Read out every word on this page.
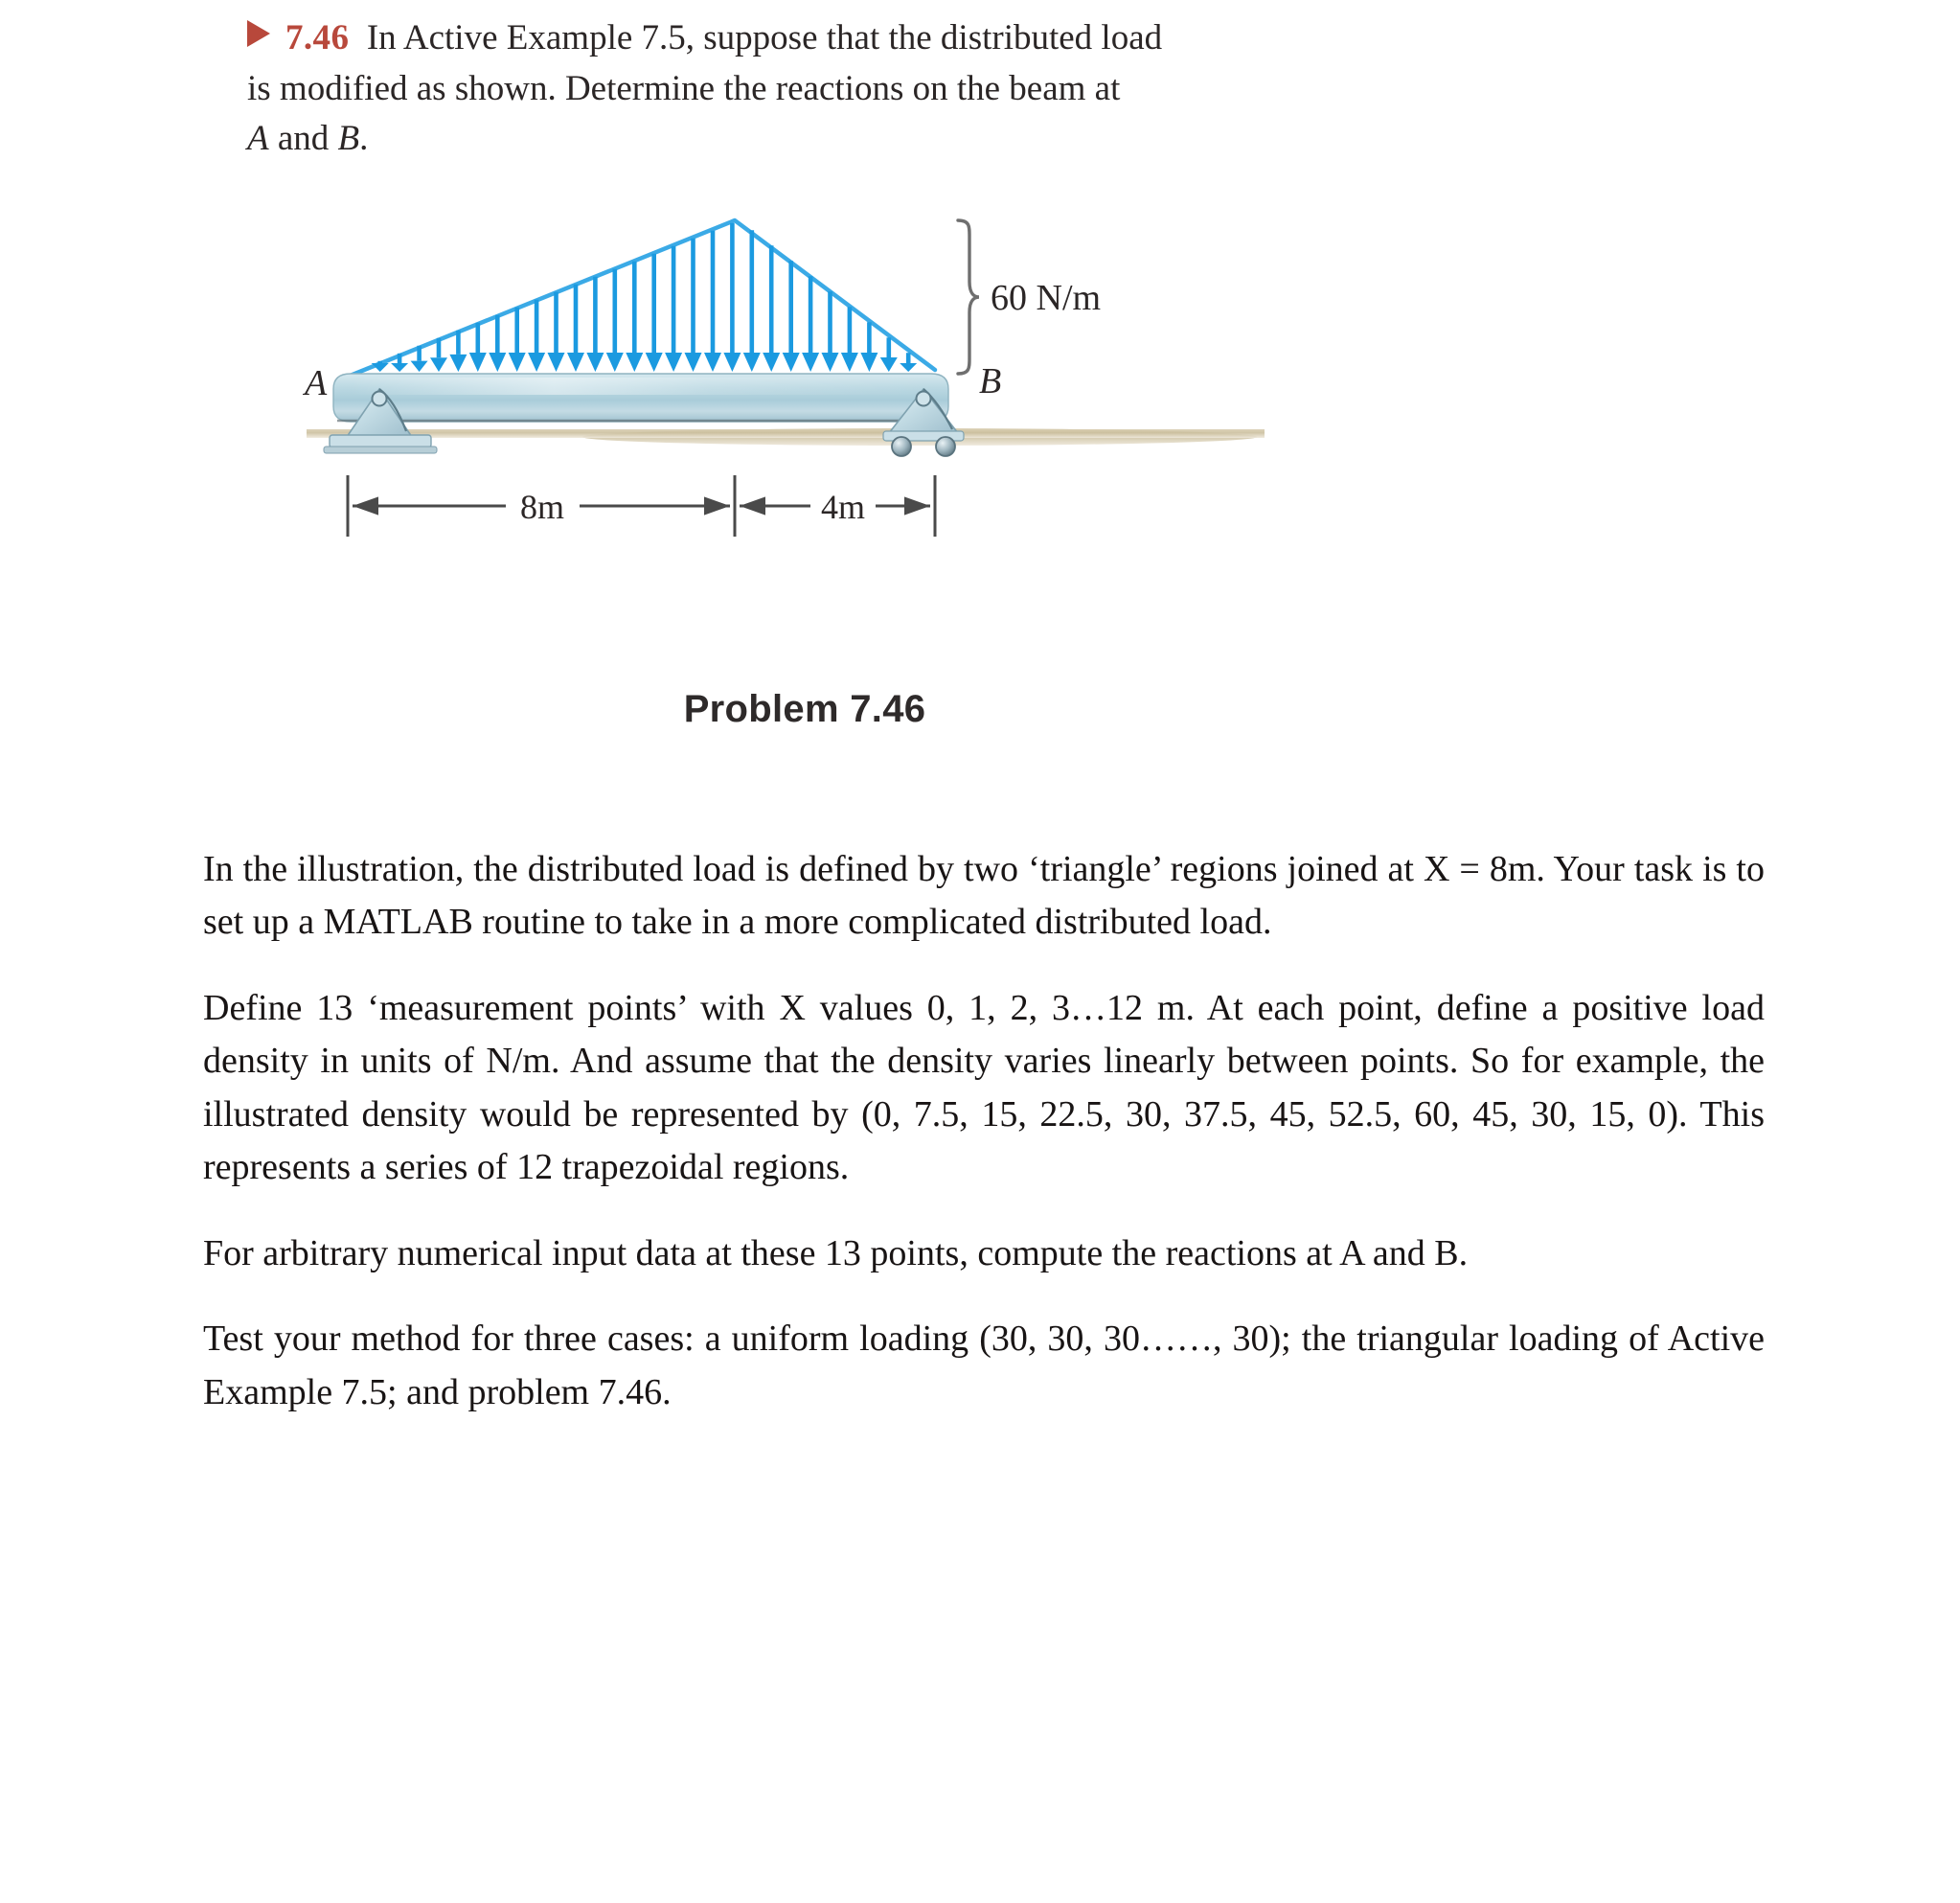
7.46 In Active Example 7.5, suppose that the distributed load
is modified as shown. Determine the reactions on the beam at
A and B.
A	B
60 N/m
8m	4m
Problem 7.46

In the illustration, the distributed load is defined by two ‘triangle’ regions joined at X = 8m. Your task is to set up a MATLAB routine to take in a more complicated distributed load.

Define 13 ‘measurement points’ with X values 0, 1, 2, 3…12 m. At each point, define a positive load density in units of N/m. And assume that the density varies linearly between points. So for example, the illustrated density would be represented by (0, 7.5, 15, 22.5, 30, 37.5, 45, 52.5, 60, 45, 30, 15, 0). This represents a series of 12 trapezoidal regions.

For arbitrary numerical input data at these 13 points, compute the reactions at A and B.

Test your method for three cases: a uniform loading (30, 30, 30……, 30); the triangular loading of Active Example 7.5; and problem 7.46.
